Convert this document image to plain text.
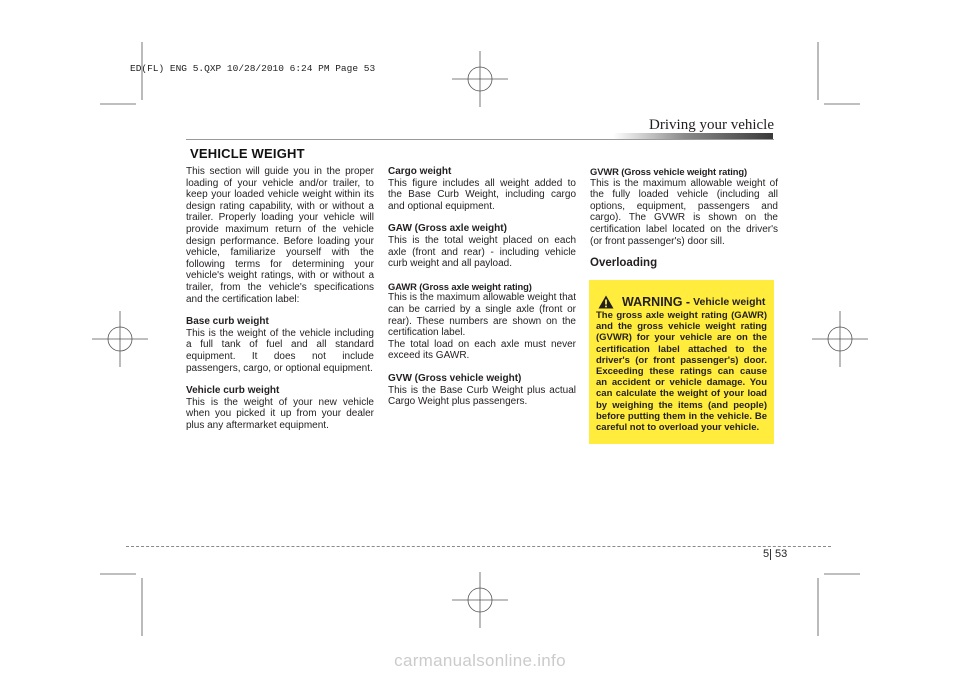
ED(FL) ENG 5.QXP 10/28/2010 6:24 PM Page 53
Driving your vehicle
VEHICLE WEIGHT

This section will guide you in the proper loading of your vehicle and/or trailer, to keep your loaded vehicle weight within its design rating capability, with or without a trailer. Properly loading your vehicle will provide maximum return of the vehicle design performance. Before loading your vehicle, familiarize yourself with the following terms for determining your vehicle's weight ratings, with or without a trailer, from the vehicle's specifications and the certification label:

Base curb weight

This is the weight of the vehicle including a full tank of fuel and all standard equipment. It does not include passengers, cargo, or optional equipment.

Vehicle curb weight

This is the weight of your new vehicle when you picked it up from your dealer plus any aftermarket equipment.

Cargo weight

This figure includes all weight added to the Base Curb Weight, including cargo and optional equipment.

GAW (Gross axle weight)

This is the total weight placed on each axle (front and rear) - including vehicle curb weight and all payload.

GAWR (Gross axle weight rating)

This is the maximum allowable weight that can be carried by a single axle (front or rear). These numbers are shown on the certification label.

The total load on each axle must never exceed its GAWR.

GVW (Gross vehicle weight)

This is the Base Curb Weight plus actual Cargo Weight plus passengers.

GVWR (Gross vehicle weight rating)

This is the maximum allowable weight of the fully loaded vehicle (including all options, equipment, passengers and cargo). The GVWR is shown on the certification label located on the driver's (or front passenger's) door sill.

Overloading

WARNING - Vehicle weight
The gross axle weight rating (GAWR) and the gross vehicle weight rating (GVWR) for your vehicle are on the certification label attached to the driver's (or front passenger's) door. Exceeding these ratings can cause an accident or vehicle damage. You can calculate the weight of your load by weighing the items (and people) before putting them in the vehicle. Be careful not to overload your vehicle.
5 53
carmanualsonline.info
